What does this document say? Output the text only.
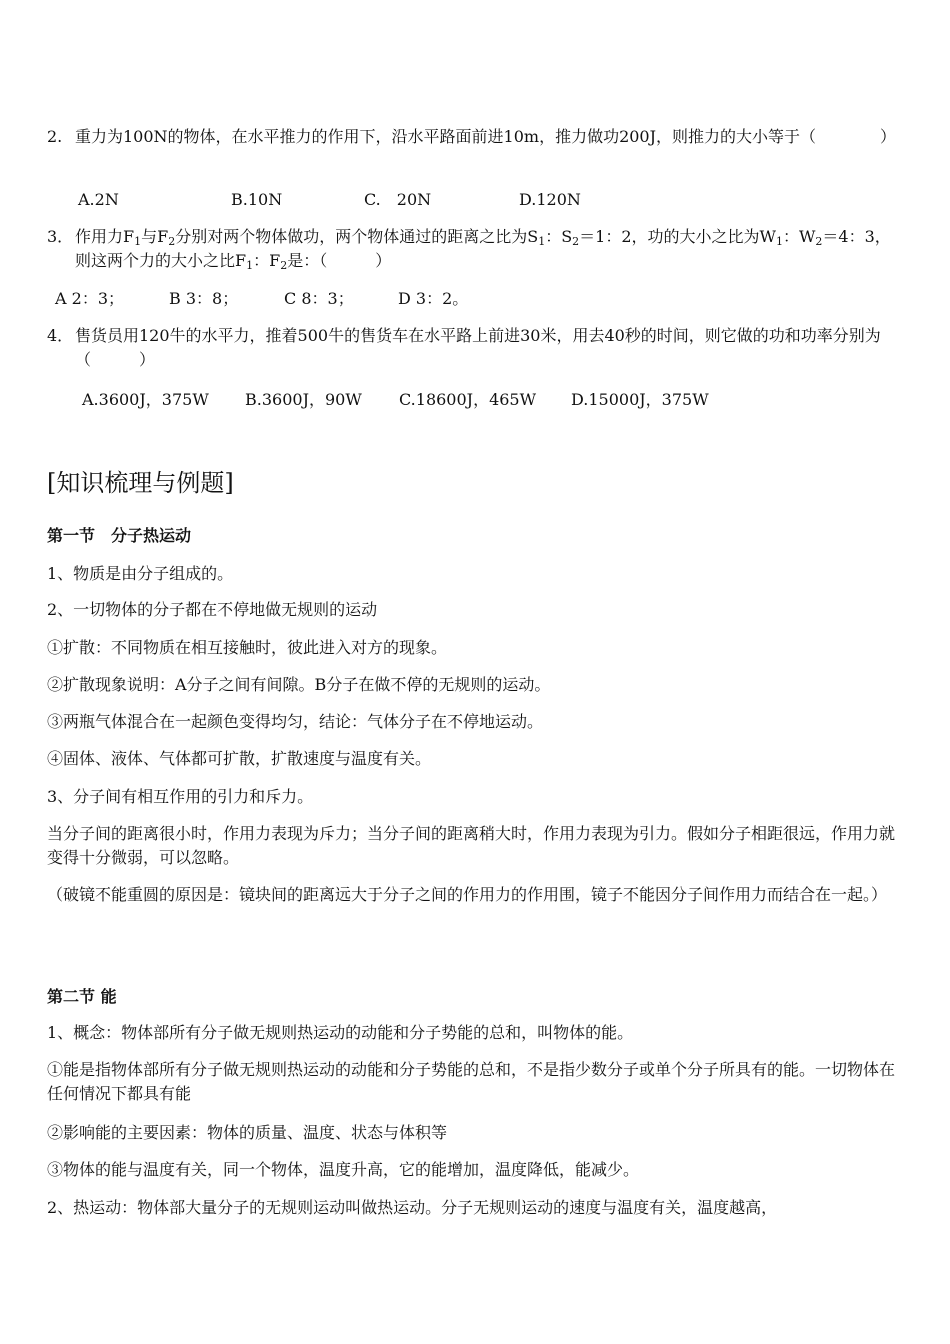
2. 重力为100N的物体，在水平推力的作用下，沿水平路面前进10m，推力做功200J，则推力的大小等于（　　　　）
A.2N	B.10N	C.　20N	D.120N
3． 作用力$F_1$与$F_2$分别对两个物体做功，两个物体通过的距离之比为$S_1$：$S_2=1$：2，功的大小之比为$W_1$：$W_2=4$：3，则这两个力的大小之比$F_1$：$F_2$是：（　　　）
A 2：3；	B 3：8；	C 8：3；	D 3：2。
4． 售货员用120牛的水平力，推着500牛的售货车在水平路上前进30米，用去40秒的时间，则它做的功和功率分别为（　　　）
A.3600J，375W	B.3600J，90W	C.18600J，465W	D.15000J，375W
[知识梳理与例题]
第一节　分子热运动
1、物质是由分子组成的。
2、一切物体的分子都在不停地做无规则的运动
①扩散：不同物质在相互接触时，彼此进入对方的现象。
②扩散现象说明：A分子之间有间隙。B分子在做不停的无规则的运动。
③两瓶气体混合在一起颜色变得均匀，结论：气体分子在不停地运动。
④固体、液体、气体都可扩散，扩散速度与温度有关。
3、分子间有相互作用的引力和斥力。
当分子间的距离很小时，作用力表现为斥力；当分子间的距离稍大时，作用力表现为引力。假如分子相距很远，作用力就变得十分微弱，可以忽略。
（破镜不能重圆的原因是：镜块间的距离远大于分子之间的作用力的作用围，镜子不能因分子间作用力而结合在一起。）
第二节 能
1、概念：物体部所有分子做无规则热运动的动能和分子势能的总和，叫物体的能。
①能是指物体部所有分子做无规则热运动的动能和分子势能的总和，不是指少数分子或单个分子所具有的能。一切物体在任何情况下都具有能
②影响能的主要因素：物体的质量、温度、状态与体积等
③物体的能与温度有关，同一个物体，温度升高，它的能增加，温度降低，能减少。
2、热运动：物体部大量分子的无规则运动叫做热运动。分子无规则运动的速度与温度有关，温度越高，
